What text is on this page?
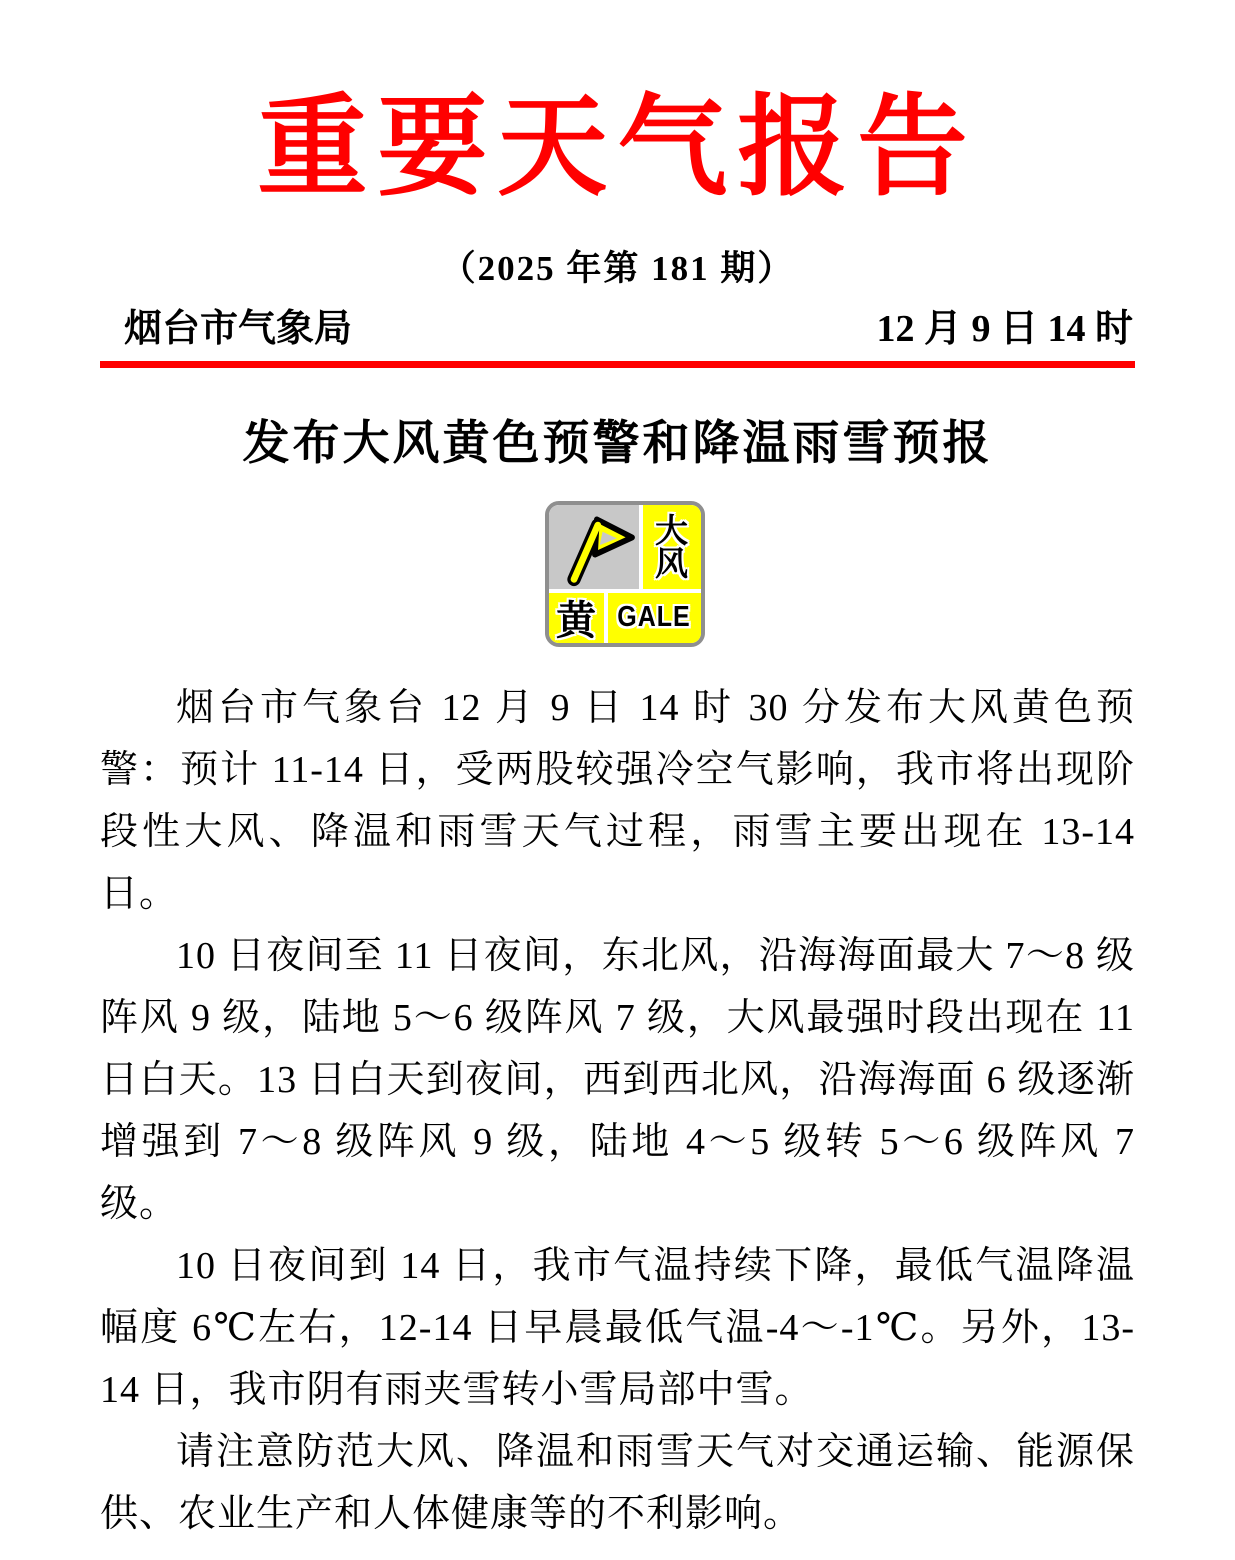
重要天气报告
（2025 年第 181 期）
烟台市气象局	12 月 9 日 14 时
发布大风黄色预警和降温雨雪预报
大
风
黄 GALE

烟台市气象台 12 月 9 日 14 时 30 分发布大风黄色预警：预计 11-14 日，受两股较强冷空气影响，我市将出现阶段性大风、降温和雨雪天气过程，雨雪主要出现在 13-14 日。

10 日夜间至 11 日夜间，东北风，沿海海面最大 7～8 级阵风 9 级，陆地 5～6 级阵风 7 级，大风最强时段出现在 11 日白天。13 日白天到夜间，西到西北风，沿海海面 6 级逐渐增强到 7～8 级阵风 9 级，陆地 4～5 级转 5～6 级阵风 7 级。

10 日夜间到 14 日，我市气温持续下降，最低气温降温幅度 6℃左右，12-14 日早晨最低气温-4～-1℃。另外，13-14 日，我市阴有雨夹雪转小雪局部中雪。

请注意防范大风、降温和雨雪天气对交通运输、能源保供、农业生产和人体健康等的不利影响。
